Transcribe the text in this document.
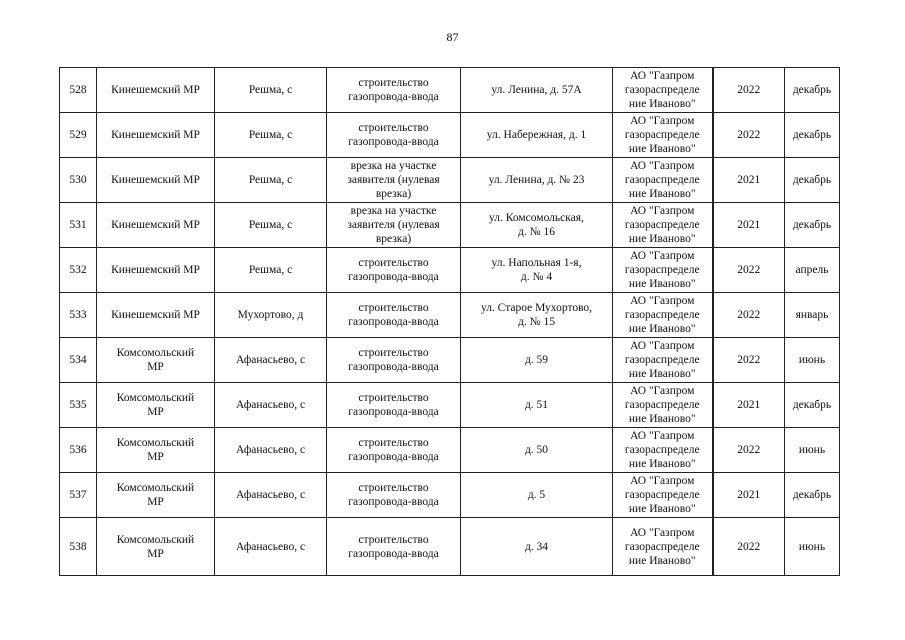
87
528	Кинешемский МР	Решма, с	строительство
газопровода-ввода	ул. Ленина, д. 57А	АО "Газпром
газораспределе
ние Иваново"	2022	декабрь
529	Кинешемский МР	Решма, с	строительство
газопровода-ввода	ул. Набережная, д. 1	АО "Газпром
газораспределе
ние Иваново"	2022	декабрь
530	Кинешемский МР	Решма, с	врезка на участке
заявителя (нулевая
врезка)	ул. Ленина, д. № 23	АО "Газпром
газораспределе
ние Иваново"	2021	декабрь
531	Кинешемский МР	Решма, с	врезка на участке
заявителя (нулевая
врезка)	ул. Комсомольская,
д. № 16	АО "Газпром
газораспределе
ние Иваново"	2021	декабрь
532	Кинешемский МР	Решма, с	строительство
газопровода-ввода	ул. Напольная 1-я,
д. № 4	АО "Газпром
газораспределе
ние Иваново"	2022	апрель
533	Кинешемский МР	Мухортово, д	строительство
газопровода-ввода	ул. Старое Мухортово,
д. № 15	АО "Газпром
газораспределе
ние Иваново"	2022	январь
534	Комсомольский
МР	Афанасьево, с	строительство
газопровода-ввода	д. 59	АО "Газпром
газораспределе
ние Иваново"	2022	июнь
535	Комсомольский
МР	Афанасьево, с	строительство
газопровода-ввода	д. 51	АО "Газпром
газораспределе
ние Иваново"	2021	декабрь
536	Комсомольский
МР	Афанасьево, с	строительство
газопровода-ввода	д. 50	АО "Газпром
газораспределе
ние Иваново"	2022	июнь
537	Комсомольский
МР	Афанасьево, с	строительство
газопровода-ввода	д. 5	АО "Газпром
газораспределе
ние Иваново"	2021	декабрь
538	Комсомольский
МР	Афанасьево, с	строительство
газопровода-ввода	д. 34	АО "Газпром
газораспределе
ние Иваново"	2022	июнь
